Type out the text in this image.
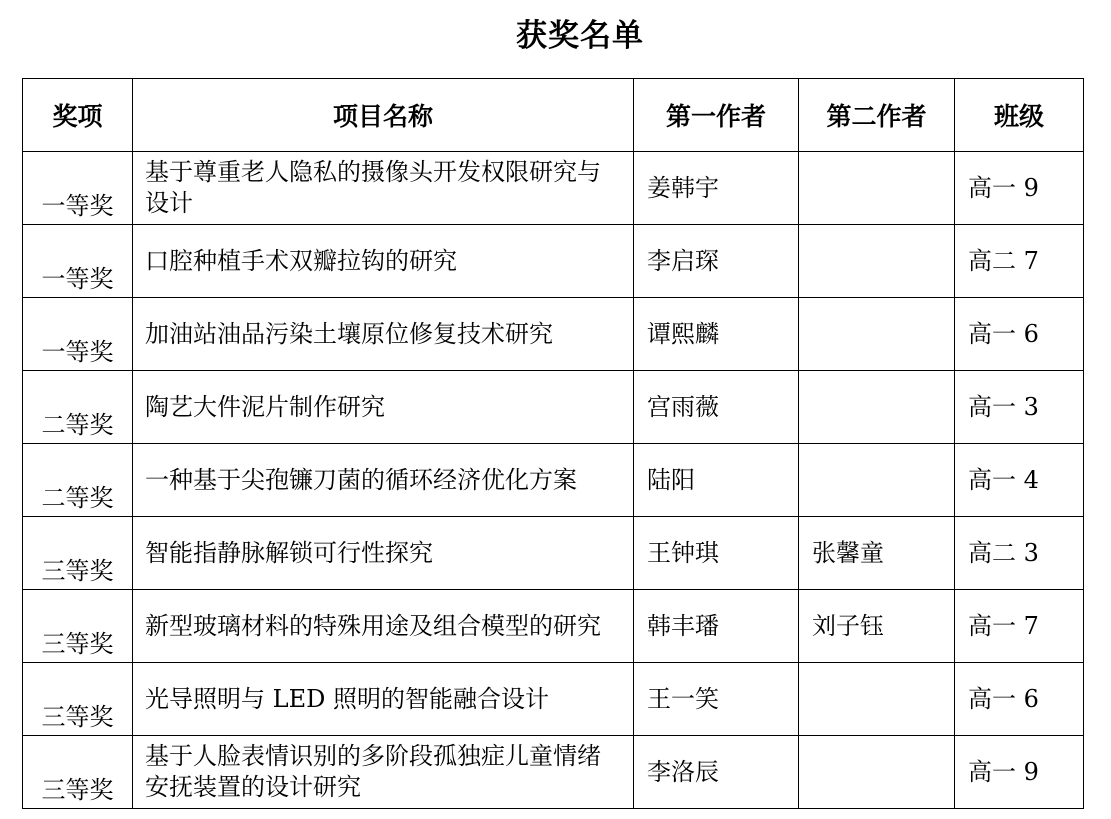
获奖名单
奖项	项目名称	第一作者	第二作者	班级
一等奖	基于尊重老人隐私的摄像头开发权限研究与设计	姜韩宇		高一 9
一等奖	口腔种植手术双瓣拉钩的研究	李启琛		高二 7
一等奖	加油站油品污染土壤原位修复技术研究	谭熙麟		高一 6
二等奖	陶艺大件泥片制作研究	宫雨薇		高一 3
二等奖	一种基于尖孢镰刀菌的循环经济优化方案	陆阳		高一 4
三等奖	智能指静脉解锁可行性探究	王钟琪	张馨童	高二 3
三等奖	新型玻璃材料的特殊用途及组合模型的研究	韩丰璠	刘子钰	高一 7
三等奖	光导照明与 LED 照明的智能融合设计	王一笑		高一 6
三等奖	基于人脸表情识别的多阶段孤独症儿童情绪安抚装置的设计研究	李洛辰		高一 9
